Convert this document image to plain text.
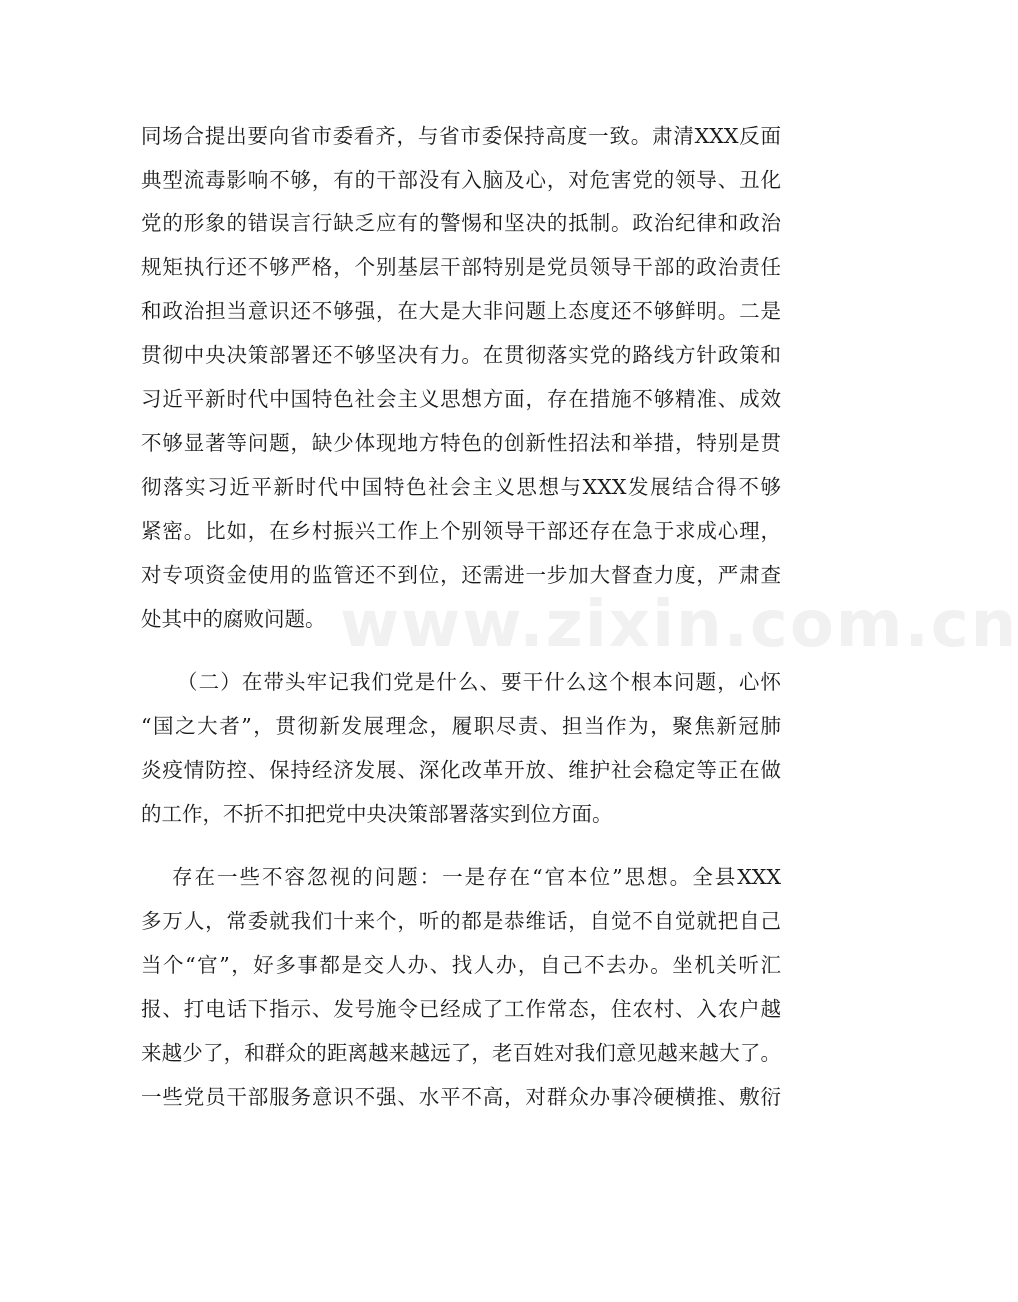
同场合提出要向省市委看齐，与省市委保持高度一致。肃清XXX反面
典型流毒影响不够，有的干部没有入脑及心，对危害党的领导、丑化
党的形象的错误言行缺乏应有的警惕和坚决的抵制。政治纪律和政治
规矩执行还不够严格，个别基层干部特别是党员领导干部的政治责任
和政治担当意识还不够强，在大是大非问题上态度还不够鲜明。二是
贯彻中央决策部署还不够坚决有力。在贯彻落实党的路线方针政策和
习近平新时代中国特色社会主义思想方面，存在措施不够精准、成效
不够显著等问题，缺少体现地方特色的创新性招法和举措，特别是贯
彻落实习近平新时代中国特色社会主义思想与XXX发展结合得不够
紧密。比如，在乡村振兴工作上个别领导干部还存在急于求成心理，
对专项资金使用的监管还不到位，还需进一步加大督查力度，严肃查
处其中的腐败问题。
（二）在带头牢记我们党是什么、要干什么这个根本问题，心怀
“国之大者”，贯彻新发展理念，履职尽责、担当作为，聚焦新冠肺
炎疫情防控、保持经济发展、深化改革开放、维护社会稳定等正在做
的工作，不折不扣把党中央决策部署落实到位方面。
存在一些不容忽视的问题：一是存在“官本位”思想。全县XXX
多万人，常委就我们十来个，听的都是恭维话，自觉不自觉就把自己
当个“官”，好多事都是交人办、找人办，自己不去办。坐机关听汇
报、打电话下指示、发号施令已经成了工作常态，住农村、入农户越
来越少了，和群众的距离越来越远了，老百姓对我们意见越来越大了。
一些党员干部服务意识不强、水平不高，对群众办事冷硬横推、敷衍
www.zixin.com.cn
